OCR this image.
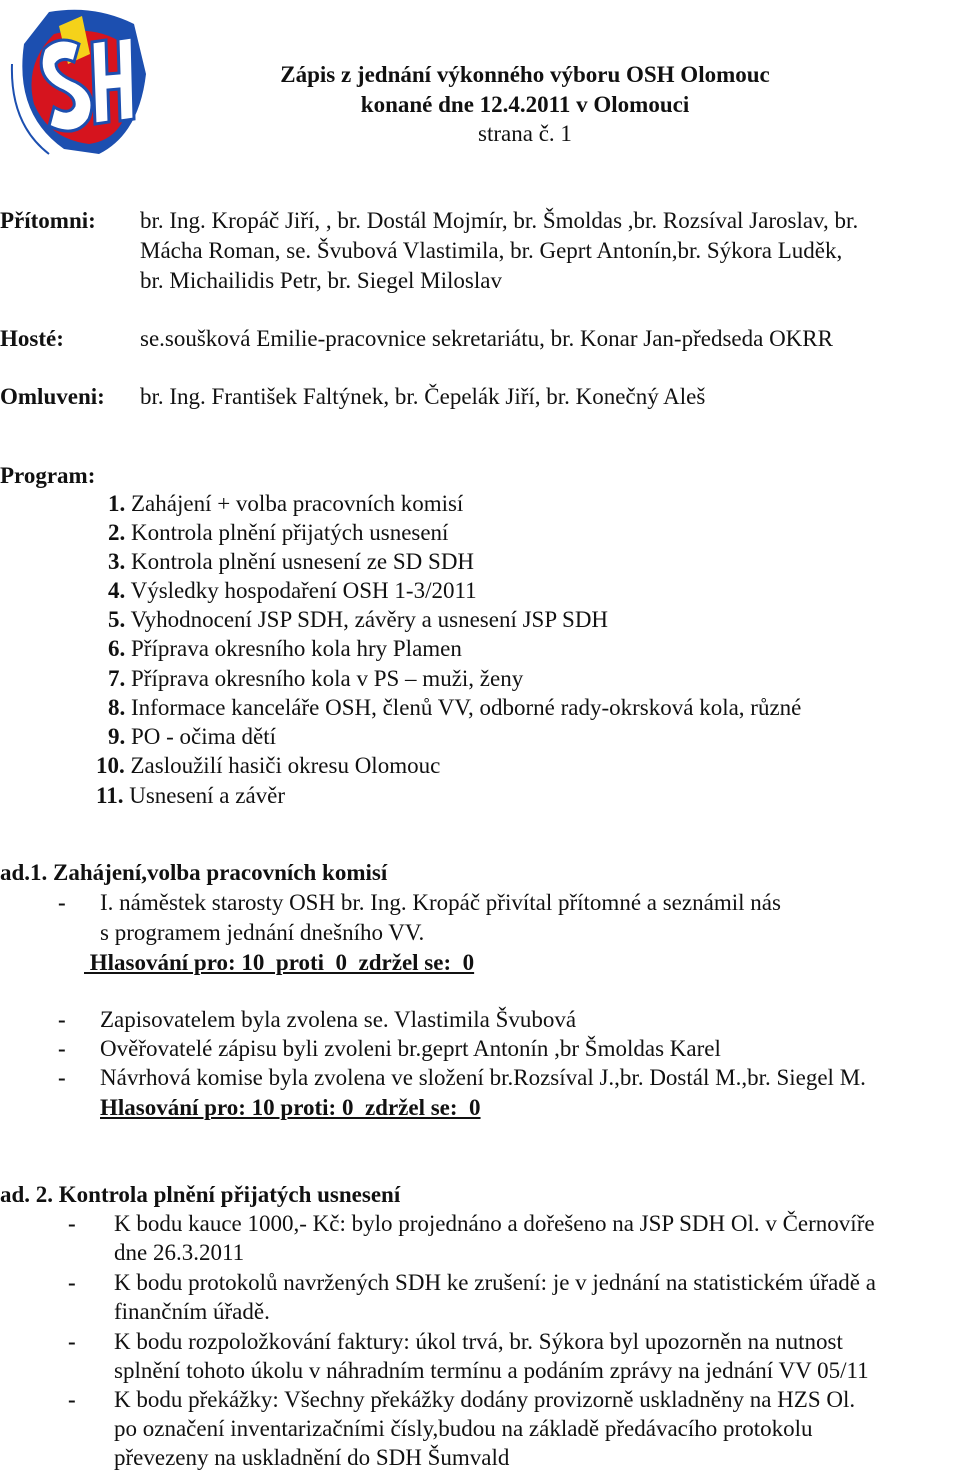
Zápis z jednání výkonného výboru OSH Olomouc
konané dne 12.4.2011 v Olomouci
strana č. 1
Přítomni: br. Ing. Kropáč Jiří, , br. Dostál Mojmír, br. Šmoldas ,br. Rozsíval Jaroslav, br.
Mácha Roman, se. Švubová Vlastimila, br. Geprt Antonín,br. Sýkora Luděk,
br. Michailidis Petr, br. Siegel Miloslav
Hosté:	se.soušková Emilie-pracovnice sekretariátu, br. Konar Jan-předseda OKRR
Omluveni: br. Ing. František Faltýnek, br. Čepelák Jiří, br. Konečný Aleš
Program:
1. Zahájení + volba pracovních komisí
2. Kontrola plnění přijatých usnesení
3. Kontrola plnění usnesení ze SD SDH
4. Výsledky hospodaření OSH 1-3/2011
5. Vyhodnocení JSP SDH, závěry a usnesení JSP SDH
6. Příprava okresního kola hry Plamen
7. Příprava okresního kola v PS – muži, ženy
8. Informace kanceláře OSH, členů VV, odborné rady-okrsková kola, různé
9. PO - očima dětí
10. Zasloužilí hasiči okresu Olomouc
11. Usnesení a závěr
ad.1. Zahájení,volba pracovních komisí
- I. náměstek starosty OSH br. Ing. Kropáč přivítal přítomné a seznámil nás
s programem jednání dnešního VV.
Hlasování pro: 10  proti  0  zdržel se:  0
- Zapisovatelem byla zvolena se. Vlastimila Švubová
- Ověřovatelé zápisu byli zvoleni br.geprt Antonín ,br Šmoldas Karel
- Návrhová komise byla zvolena ve složení br.Rozsíval J.,br. Dostál M.,br. Siegel M.
Hlasování pro: 10 proti: 0  zdržel se:  0
ad. 2. Kontrola plnění přijatých usnesení
- K bodu kauce 1000,- Kč: bylo projednáno a dořešeno na JSP SDH Ol. v Černovíře
dne 26.3.2011
- K bodu protokolů navržených SDH ke zrušení: je v jednání na statistickém úřadě a
finančním úřadě.
- K bodu rozpoložkování faktury: úkol trvá, br. Sýkora byl upozorněn na nutnost
splnění tohoto úkolu v náhradním termínu a podáním zprávy na jednání VV 05/11
- K bodu překážky: Všechny překážky dodány provizorně uskladněny na HZS Ol.
po označení inventarizačními čísly,budou na základě předávacího protokolu
převezeny na uskladnění do SDH Šumvald
